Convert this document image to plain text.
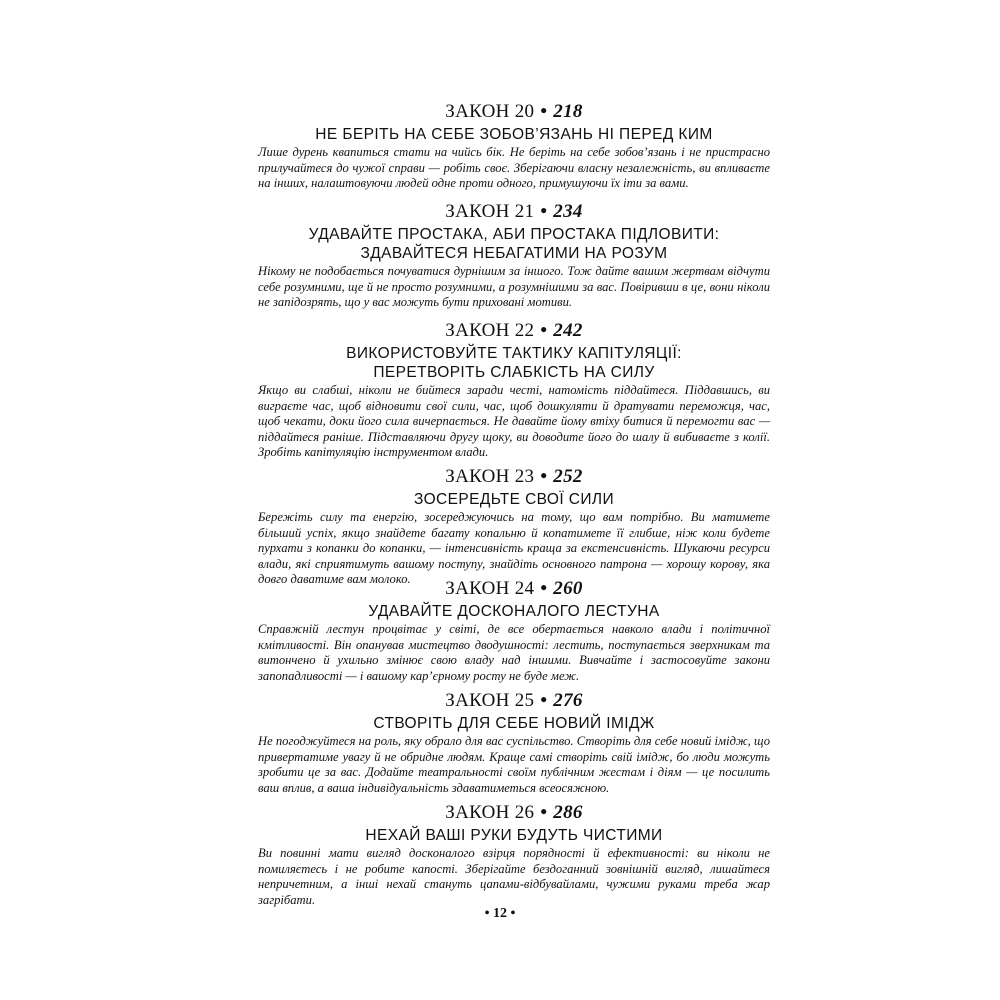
ЗАКОН 20 • 218
НЕ БЕРІТЬ НА СЕБЕ ЗОБОВ’ЯЗАНЬ НІ ПЕРЕД КИМ

Лише дурень квапиться стати на чийсь бік. Не беріть на себе зобов’язань і не пристрасно прилучайтеся до чужої справи — робіть своє. Зберігаючи власну незалежність, ви впливаєте на інших, налаштовуючи людей одне проти одного, примушуючи їх іти за вами.

ЗАКОН 21 • 234
УДАВАЙТЕ ПРОСТАКА, АБИ ПРОСТАКА ПІДЛОВИТИ:
ЗДАВАЙТЕСЯ НЕБАГАТИМИ НА РОЗУМ

Нікому не подобається почуватися дурнішим за іншого. Тож дайте вашим жертвам відчути себе розумними, ще й не просто розумними, а розумнішими за вас. Повіривши в це, вони ніколи не запідозрять, що у вас можуть бути приховані мотиви.

ЗАКОН 22 • 242
ВИКОРИСТОВУЙТЕ ТАКТИКУ КАПІТУЛЯЦІЇ:
ПЕРЕТВОРІТЬ СЛАБКІСТЬ НА СИЛУ

Якщо ви слабші, ніколи не бийтеся заради честі, натомість піддайтеся. Піддавшись, ви виграєте час, щоб відновити свої сили, час, щоб дошкуляти й дратувати переможця, час, щоб чекати, доки його сила вичерпається. Не давайте йому втіху битися й перемогти вас — піддайтеся раніше. Підставляючи другу щоку, ви доводите його до шалу й вибиваєте з колії. Зробіть капітуляцію інструментом влади.

ЗАКОН 23 • 252
ЗОСЕРЕДЬТЕ СВОЇ СИЛИ

Бережіть силу та енергію, зосереджуючись на тому, що вам потрібно. Ви матимете більший успіх, якщо знайдете багату копальню й копатимете її глибше, ніж коли будете пурхати з копанки до копанки, — інтенсивність краща за екстенсивність. Шукаючи ресурси влади, які сприятимуть вашому поступу, знайдіть основного патрона — хорошу корову, яка довго даватиме вам молоко.	ЗАКОН 24 • 260
УДАВАЙТЕ ДОСКОНАЛОГО ЛЕСТУНА

Справжній лестун процвітає у світі, де все обертається навколо влади і політичної кмітливості. Він опанував мистецтво дводушності: лестить, поступається зверхникам та витончено й ухильно змінює свою владу над іншими. Вивчайте і застосовуйте закони запопадливості — і вашому кар’єрному росту не буде меж.

ЗАКОН 25 • 276
СТВОРІТЬ ДЛЯ СЕБЕ НОВИЙ ІМІДЖ

Не погоджуйтеся на роль, яку обрало для вас суспільство. Створіть для себе новий імідж, що привертатиме увагу й не обридне людям. Краще самі створіть свій імідж, бо люди можуть зробити це за вас. Додайте театральності своїм публічним жестам і діям — це посилить ваш вплив, а ваша індивідуальність здаватиметься всеосяжною.

ЗАКОН 26 • 286
НЕХАЙ ВАШІ РУКИ БУДУТЬ ЧИСТИМИ

Ви повинні мати вигляд досконалого взірця порядності й ефективності: ви ніколи не помиляєтесь і не робите капості. Зберігайте бездоганний зовнішній вигляд, лишайтеся непричетним, а інші нехай стануть цапами-відбувайлами, чужими руками треба жар загрібати.

• 12 •
